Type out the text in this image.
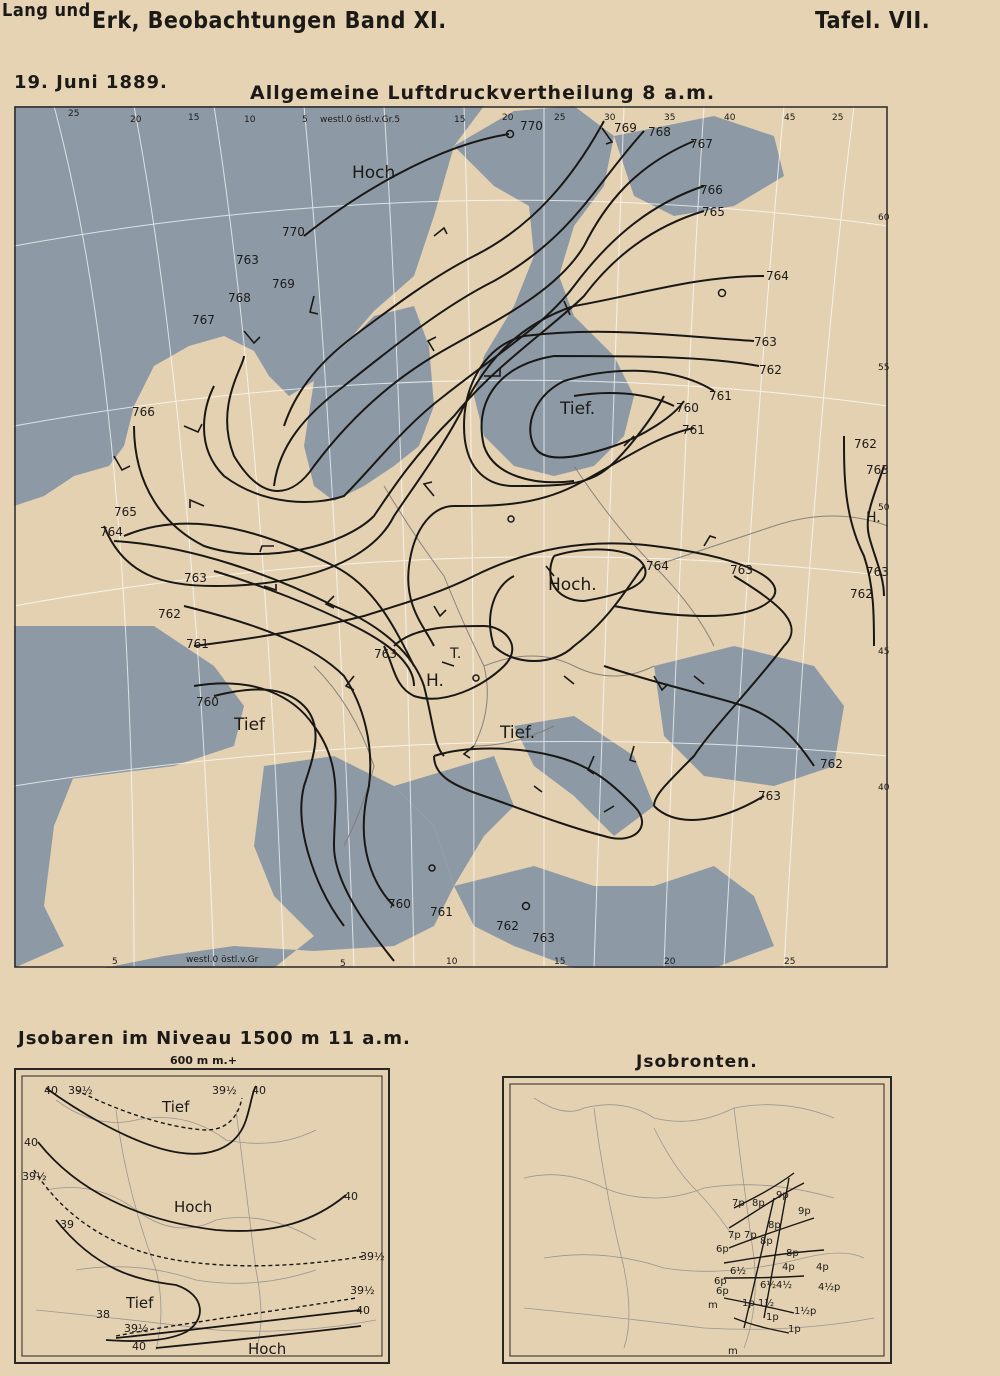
Lang und Erk, Beobachtungen Band XI.	Tafel. VII.
19. Juni 1889.	Allgemeine Luftdruckvertheilung 8 a.m.
770	769 768
767
766
765
764
763
762
761
760
761
770
763
769
768
767
766
765
764
763
762
761
760
763
764	763
762
763
763
762
762
763
760
761
762
763
Hoch
Tief.
Hoch.
H.
T.
H.
Tief	Tief.
25
20	15	10	5 westl.0 östl.v.Gr.5	15	20	25	30	35	40	45	25
5	westl.0 östl.v.Gr	5	10	15	20	25
60
55
50
45
40
Jsobaren im Niveau 1500 m 11 a.m.
600 m m.+
40 39½	39½ 40
40
39½
39
39½
39½
38
39½
40
40
40
Tief
Hoch
Tief
Hoch
Jsobronten.
7p 8p
9p
9p
8p
8p
7p 7p
6p	8p
4p
4p
6½
6½ 4½	4½p
6p
1½
1p
1p
1p
m
m
1½p
6p
